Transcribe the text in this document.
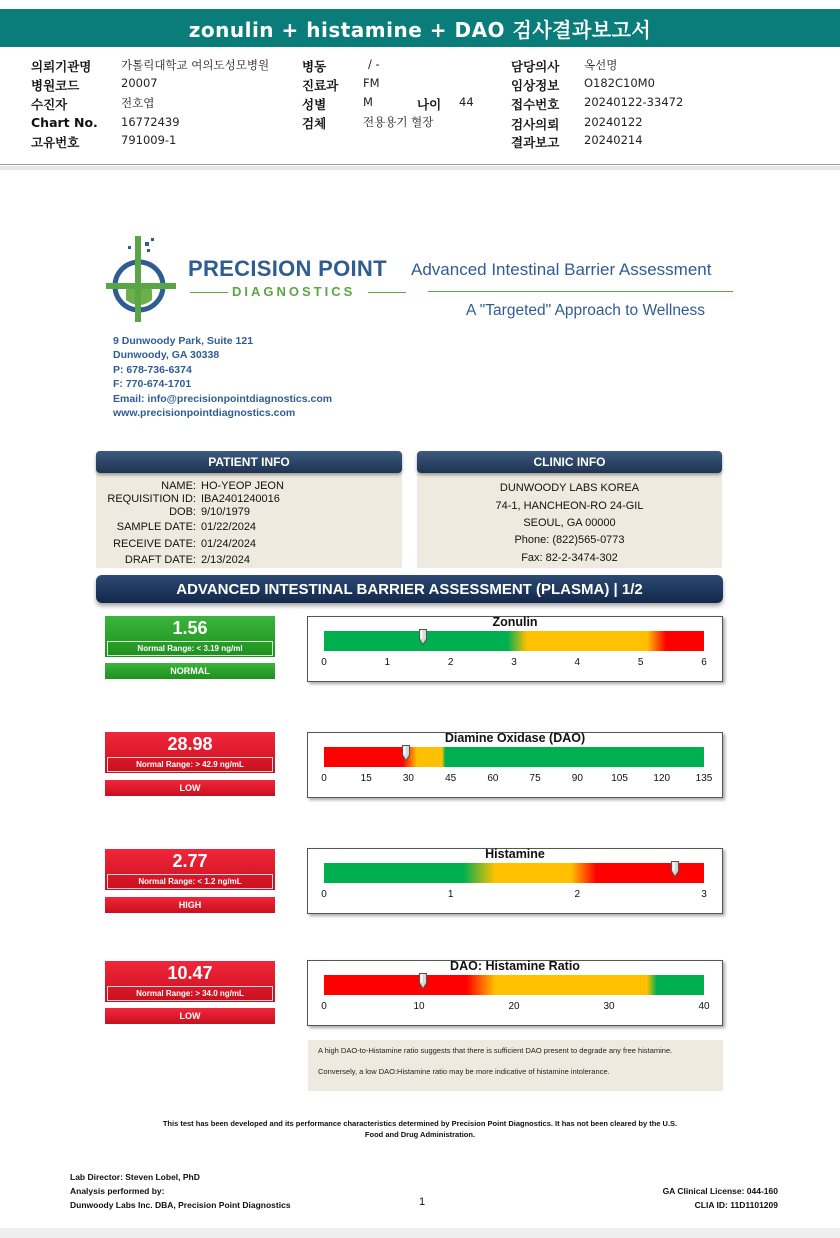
zonulin + histamine + DAO 검사결과보고서
의뢰기관명	가톨릭대학교 여의도성모병원
병원코드	20007
수진자	전호엽
Chart No. 16772439
고유번호	791009-1
병동	/ -
진료과 FM
성별	M	나이 44
검체	전용용기 혈장
담당의사 옥선명
임상정보 O182C10M0
접수번호 20240122-33472
검사의뢰 20240122
결과보고 20240214
PRECISION POINT
DIAGNOSTICS
Advanced Intestinal Barrier Assessment
A "Targeted" Approach to Wellness
9 Dunwoody Park, Suite 121
Dunwoody, GA 30338
P: 678-736-6374
F: 770-674-1701
Email: info@precisionpointdiagnostics.com
www.precisionpointdiagnostics.com
PATIENT INFO	CLINIC INFO
NAME: HO-YEOP JEON
REQUISITION ID: IBA2401240016
DOB: 9/10/1979
SAMPLE DATE: 01/22/2024
RECEIVE DATE: 01/24/2024
DRAFT DATE: 2/13/2024
DUNWOODY LABS KOREA
74-1, HANCHEON-RO 24-GIL
SEOUL, GA 00000
Phone: (822)565-0773
Fax: 82-2-3474-302
ADVANCED INTESTINAL BARRIER ASSESSMENT (PLASMA) | 1/2
1.56
Normal Range: < 3.19 ng/ml
NORMAL
28.98
Normal Range: > 42.9 ng/mL
LOW
2.77
Normal Range: < 1.2 ng/mL
HIGH
10.47
Normal Range: > 34.0 ng/mL
LOW
Zonulin
0	1	2	3	4	5	6
Diamine Oxidase (DAO)
0	15	30	45	60	75	90	105	120	135
Histamine
0	1	2	3
DAO: Histamine Ratio
0	10	20	30	40
A high DAO-to-Histamine ratio suggests that there is sufficient DAO present to degrade any free histamine.
Conversely, a low DAO:Histamine ratio may be more indicative of histamine intolerance.
This test has been developed and its performance characteristics determined by Precision Point Diagnostics. It has not been cleared by the U.S.
Food and Drug Administration.
Lab Director: Steven Lobel, PhD
Analysis performed by:
Dunwoody Labs Inc. DBA, Precision Point Diagnostics	1
GA Clinical License: 044-160
CLIA ID: 11D1101209
